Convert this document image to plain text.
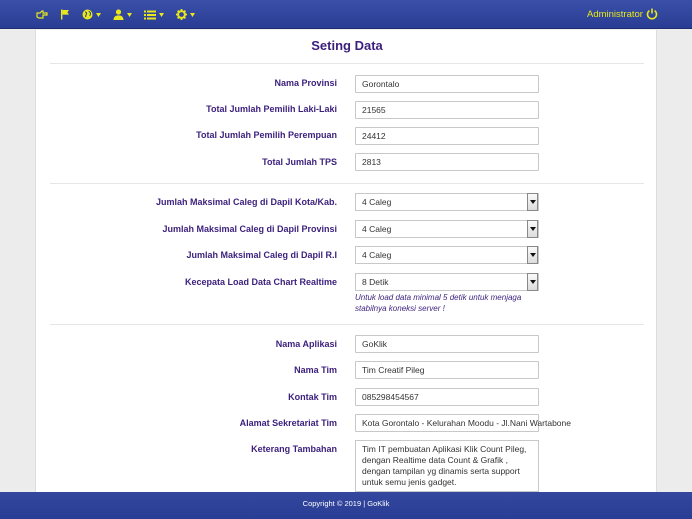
Administrator
Seting Data
Nama Provinsi	Gorontalo
Total Jumlah Pemilih Laki-Laki	21565
Total Jumlah Pemilih Perempuan	24412
Total Jumlah TPS	2813
Jumlah Maksimal Caleg di Dapil Kota/Kab.	4 Caleg
Jumlah Maksimal Caleg di Dapil Provinsi	4 Caleg
Jumlah Maksimal Caleg di Dapil R.I	4 Caleg
Kecepata Load Data Chart Realtime	8 Detik
Untuk load data minimal 5 detik untuk menjaga stabilnya koneksi server !
Nama Aplikasi	GoKlik
Nama Tim	Tim Creatif Pileg
Kontak Tim	085298454567
Alamat Sekretariat Tim	Kota Gorontalo - Kelurahan Moodu - Jl.Nani Wartabone
Keterang Tambahan	Tim IT pembuatan Aplikasi Klik Count Pileg, dengan Realtime data Count & Grafik , dengan tampilan yg dinamis serta support untuk semu jenis gadget.
Copyright © 2019 | GoKlik
